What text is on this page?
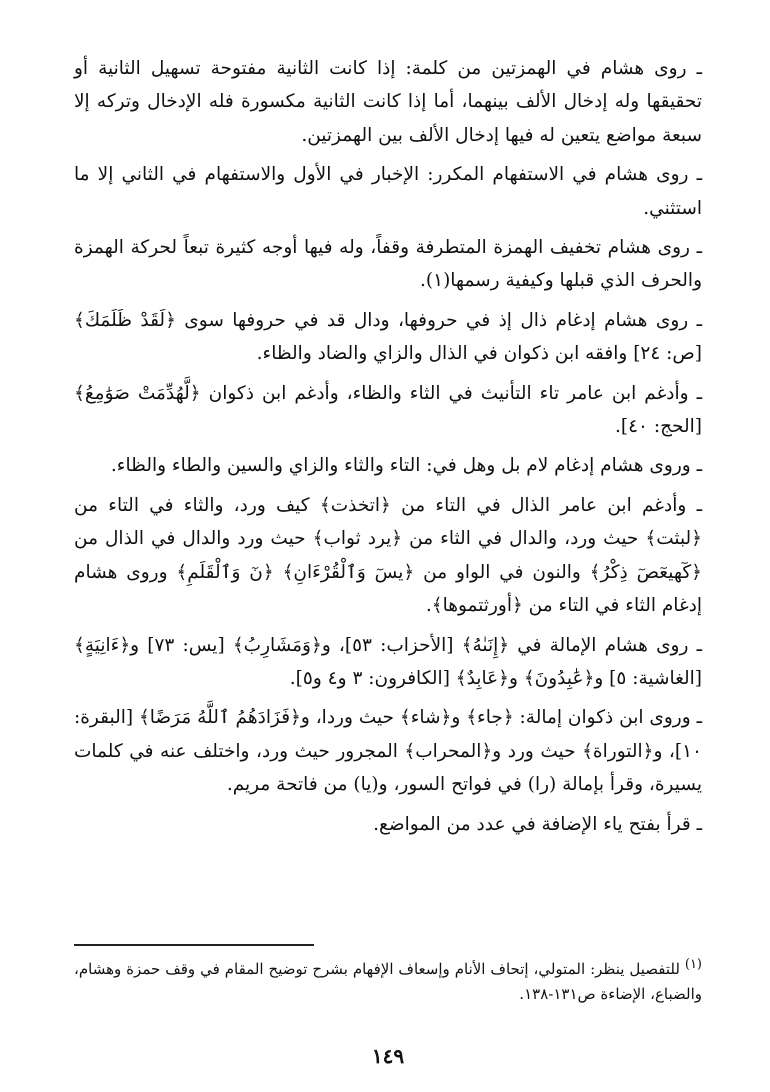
ـ روى هشام في الهمزتين من كلمة: إذا كانت الثانية مفتوحة تسهيل الثانية أو تحقيقها وله إدخال الألف بينهما، أما إذا كانت الثانية مكسورة فله الإدخال وتركه إلا سبعة مواضع يتعين له فيها إدخال الألف بين الهمزتين.

ـ روى هشام في الاستفهام المكرر: الإخبار في الأول والاستفهام في الثاني إلا ما استثني.

ـ روى هشام تخفيف الهمزة المتطرفة وقفاً، وله فيها أوجه كثيرة تبعاً لحركة الهمزة والحرف الذي قبلها وكيفية رسمها(١).

ـ روى هشام إدغام ذال إذ في حروفها، ودال قد في حروفها سوى ﴿لَقَدْ ظَلَمَكَ﴾ [ص: ٢٤] وافقه ابن ذكوان في الذال والزاي والضاد والظاء.

ـ وأدغم ابن عامر تاء التأنيث في الثاء والظاء، وأدغم ابن ذكوان ﴿لَّهُدِّمَتْ صَوَٰمِعُ﴾ [الحج: ٤٠].

ـ وروى هشام إدغام لام بل وهل في: التاء والثاء والزاي والسين والطاء والظاء.

ـ وأدغم ابن عامر الذال في التاء من ﴿اتخذت﴾ كيف ورد، والثاء في التاء من ﴿لبثت﴾ حيث ورد، والدال في الثاء من ﴿يرد ثواب﴾ حيث ورد والدال في الذال من ﴿كٓهيعٓصٓ ذِكْرُ﴾ والنون في الواو من ﴿يسٓ وَٱلْقُرْءَانِ﴾ ﴿نٓ وَٱلْقَلَمِ﴾ وروى هشام إدغام الثاء في التاء من ﴿أورثتموها﴾.

ـ روى هشام الإمالة في ﴿إِنَىٰهُ﴾ [الأحزاب: ٥٣]، و﴿وَمَشَارِبُ﴾ [يس: ٧٣] و﴿ءَانِيَةٍ﴾ [الغاشية: ٥] و﴿عَٰبِدُونَ﴾ و﴿عَابِدٌ﴾ [الكافرون: ٣ و٤ و٥].

ـ وروى ابن ذكوان إمالة: ﴿جاء﴾ و﴿شاء﴾ حيث وردا، و﴿فَزَادَهُمُ ٱللَّهُ مَرَضًا﴾ [البقرة: ١٠]، و﴿التوراة﴾ حيث ورد و﴿المحراب﴾ المجرور حيث ورد، واختلف عنه في كلمات يسيرة، وقرأ بإمالة (را) في فواتح السور، و(يا) من فاتحة مريم.

ـ قرأ بفتح ياء الإضافة في عدد من المواضع.

(١) للتفصيل ينظر: المتولي، إتحاف الأنام وإسعاف الإفهام بشرح توضيح المقام في وقف حمزة وهشام، والضباع، الإضاءة ص١٣١-١٣٨.

١٤٩
